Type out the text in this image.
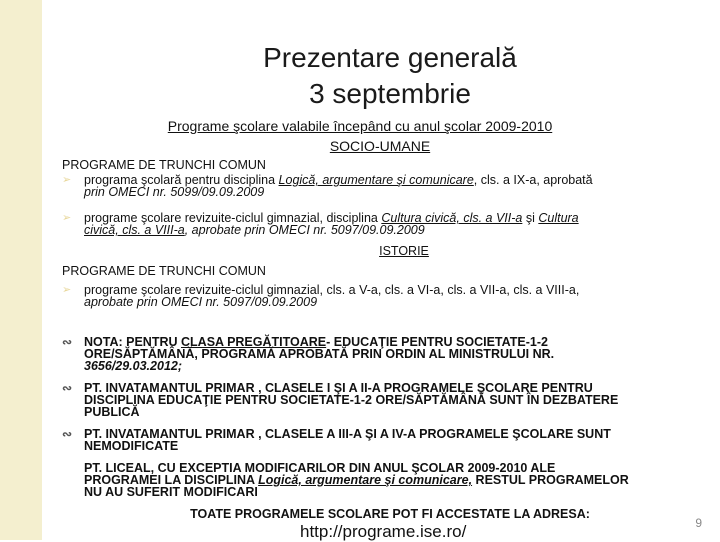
Prezentare generală
3 septembrie
Programe şcolare valabile începând cu anul şcolar 2009-2010
SOCIO-UMANE
PROGRAME DE TRUNCHI COMUN
➢	programa şcolară pentru disciplina Logică, argumentare şi comunicare, cls. a IX-a, aprobată
prin OMECI nr. 5099/09.09.2009
➢	programe şcolare revizuite-ciclul gimnazial, disciplina Cultura civică, cls. a VII-a şi Cultura
civică, cls. a VIII-a, aprobate prin OMECI nr. 5097/09.09.2009
ISTORIE
PROGRAME DE TRUNCHI COMUN
➢	programe şcolare revizuite-ciclul gimnazial, cls. a V-a, cls. a VI-a, cls. a VII-a, cls. a VIII-a,
aprobate prin OMECI nr. 5097/09.09.2009
∾ NOTA: PENTRU CLASA PREGĂTITOARE- EDUCAŢIE PENTRU SOCIETATE-1-2
ORE/SĂPTĂMÂNĂ, PROGRAMĂ APROBATĂ PRIN ORDIN AL MINISTRULUI NR.
3656/29.03.2012;
∾ PT. INVATAMANTUL PRIMAR , CLASELE I ŞI A II-A PROGRAMELE ŞCOLARE PENTRU
DISCIPLINA EDUCAŢIE PENTRU SOCIETATE-1-2 ORE/SĂPTĂMÂNĂ SUNT ÎN DEZBATERE
PUBLICĂ
∾ PT. INVATAMANTUL PRIMAR , CLASELE A III-A ŞI A IV-A PROGRAMELE ŞCOLARE SUNT
NEMODIFICATE
PT. LICEAL, CU EXCEPTIA MODIFICARILOR DIN ANUL ŞCOLAR 2009-2010 ALE
PROGRAMEI LA DISCIPLINA Logică, argumentare şi comunicare, RESTUL PROGRAMELOR
NU AU SUFERIT MODIFICARI
TOATE PROGRAMELE SCOLARE POT FI ACCESTATE LA ADRESA:
http://programe.ise.ro/	9
